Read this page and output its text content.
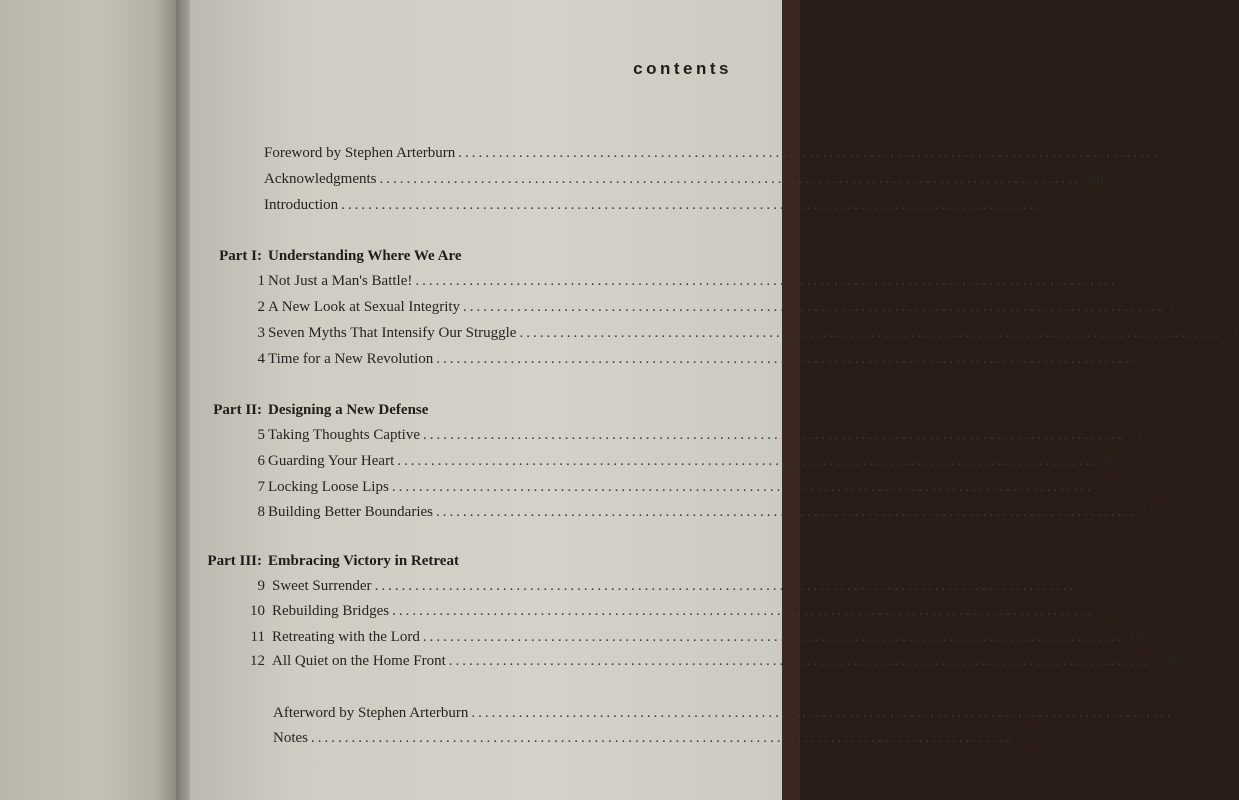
contents
Foreword by Stephen Arterburn ........................................................................................................ ix
Acknowledgments ........................................................................................................ xiii
Introduction ........................................................................................................ 1
Part I: Understanding Where We Are
1 Not Just a Man's Battle! ........................................................................................................ 5
2 A New Look at Sexual Integrity ........................................................................................................ 19
3 Seven Myths That Intensify Our Struggle ........................................................................................................ 31
4 Time for a New Revolution ........................................................................................................ 50
Part II: Designing a New Defense
5 Taking Thoughts Captive ........................................................................................................ 67
6 Guarding Your Heart ........................................................................................................ 86
7 Locking Loose Lips ........................................................................................................ 102
8 Building Better Boundaries ........................................................................................................ 116
Part III: Embracing Victory in Retreat
9 Sweet Surrender ........................................................................................................ 131
10 Rebuilding Bridges ........................................................................................................ 143
11 Retreating with the Lord ........................................................................................................ 162
12 All Quiet on the Home Front ........................................................................................................ 178
Afterword by Stephen Arterburn ........................................................................................................ 187
Notes ........................................................................................................ 191
